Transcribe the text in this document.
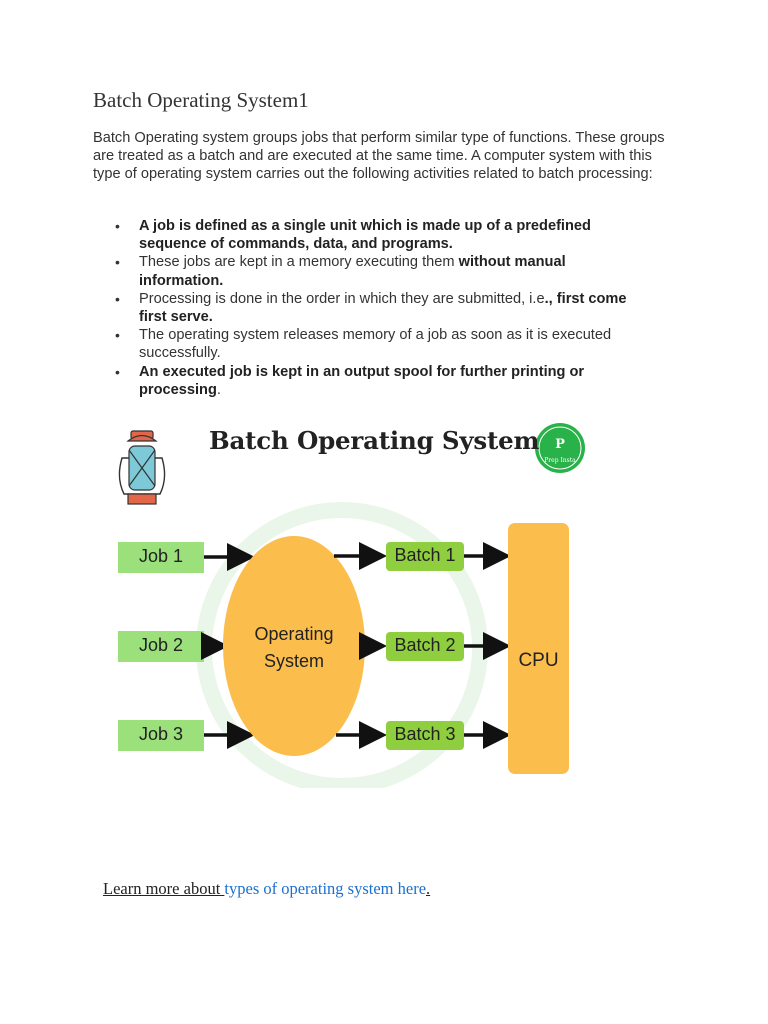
Batch Operating System1

Batch Operating system groups jobs that perform similar type of functions. These groups are treated as a batch and are executed at the same time. A computer system with this type of operating system carries out the following activities related to batch processing:

• A job is defined as a single unit which is made up of a predefined sequence of commands, data, and programs.
• These jobs are kept in a memory executing them without manual information.
• Processing is done in the order in which they are submitted, i.e., first come first serve.
• The operating system releases memory of a job as soon as it is executed successfully.
• An executed job is kept in an output spool for further printing or processing.
P
Prep Insta
Batch Operating System
Job 1
Job 2
Job 3
Operating
System
Batch 1
Batch 2
Batch 3
CPU
Learn more about types of operating system here.
